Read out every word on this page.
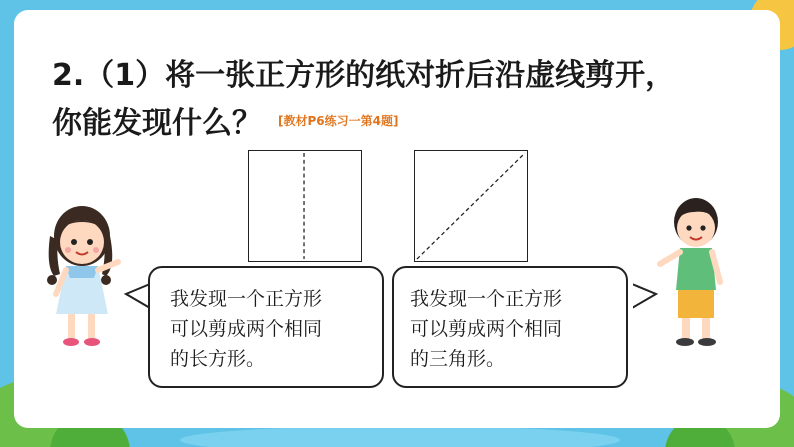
2.（1）将一张正方形的纸对折后沿虚线剪开，
你能发现什么？ [教材P6练习一第4题]
我发现一个正方形
可以剪成两个相同
的长方形。
我发现一个正方形
可以剪成两个相同
的三角形。
